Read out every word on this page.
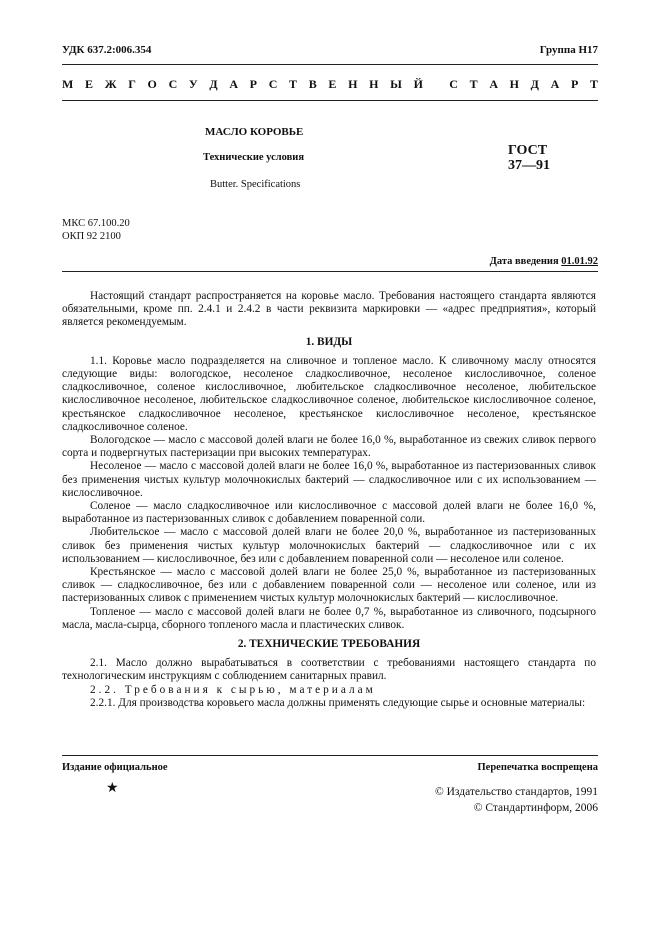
УДК 637.2:006.354	Группа Н17
М Е Ж Г О С У Д А Р С Т В Е Н Н Ы Й
С Т А Н Д А Р Т
МАСЛО КОРОВЬЕ
Технические условия
Butter. Specifications
ГОСТ
37—91
МКС 67.100.20
ОКП 92 2100
Дата введения 01.01.92

Настоящий стандарт распространяется на коровье масло. Требования настоящего стандарта являются обязательными, кроме пп. 2.4.1 и 2.4.2 в части реквизита маркировки — «адрес предприятия», который является рекомендуемым.

1. ВИДЫ

1.1. Коровье масло подразделяется на сливочное и топленое масло. К сливочному маслу относятся следующие виды: вологодское, несоленое сладкосливочное, несоленое кислосливочное, соленое сладкосливочное, соленое кислосливочное, любительское сладкосливочное несоленое, любительское кислосливочное несоленое, любительское сладкосливочное соленое, любительское кислосливочное соленое, крестьянское сладкосливочное несоленое, крестьянское кислосливочное несоленое, крестьянское сладкосливочное соленое.

Вологодское — масло с массовой долей влаги не более 16,0 %, выработанное из свежих сливок первого сорта и подвергнутых пастеризации при высоких температурах.

Несоленое — масло с массовой долей влаги не более 16,0 %, выработанное из пастеризованных сливок без применения чистых культур молочнокислых бактерий — сладкосливочное или с их использованием — кислосливочное.

Соленое — масло сладкосливочное или кислосливочное с массовой долей влаги не более 16,0 %, выработанное из пастеризованных сливок с добавлением поваренной соли.

Любительское — масло с массовой долей влаги не более 20,0 %, выработанное из пастеризованных сливок без применения чистых культур молочнокислых бактерий — сладкосливочное или с их использованием — кислосливочное, без или с добавлением поваренной соли — несоленое или соленое.

Крестьянское — масло с массовой долей влаги не более 25,0 %, выработанное из пастеризованных сливок — сладкосливочное, без или с добавлением поваренной соли — несоленое или соленое, или из пастеризованных сливок с применением чистых культур молочнокислых бактерий — кислосливочное.

Топленое — масло с массовой долей влаги не более 0,7 %, выработанное из сливочного, подсырного масла, масла-сырца, сборного топленого масла и пластических сливок.

2. ТЕХНИЧЕСКИЕ ТРЕБОВАНИЯ

2.1. Масло должно вырабатываться в соответствии с требованиями настоящего стандарта по технологическим инструкциям с соблюдением санитарных правил.

2.2. Требования к сырью, материалам

2.2.1. Для производства коровьего масла должны применять следующие сырье и основные материалы:

Издание официальное	Перепечатка воспрещена
★	© Издательство стандартов, 1991
© Стандартинформ, 2006
